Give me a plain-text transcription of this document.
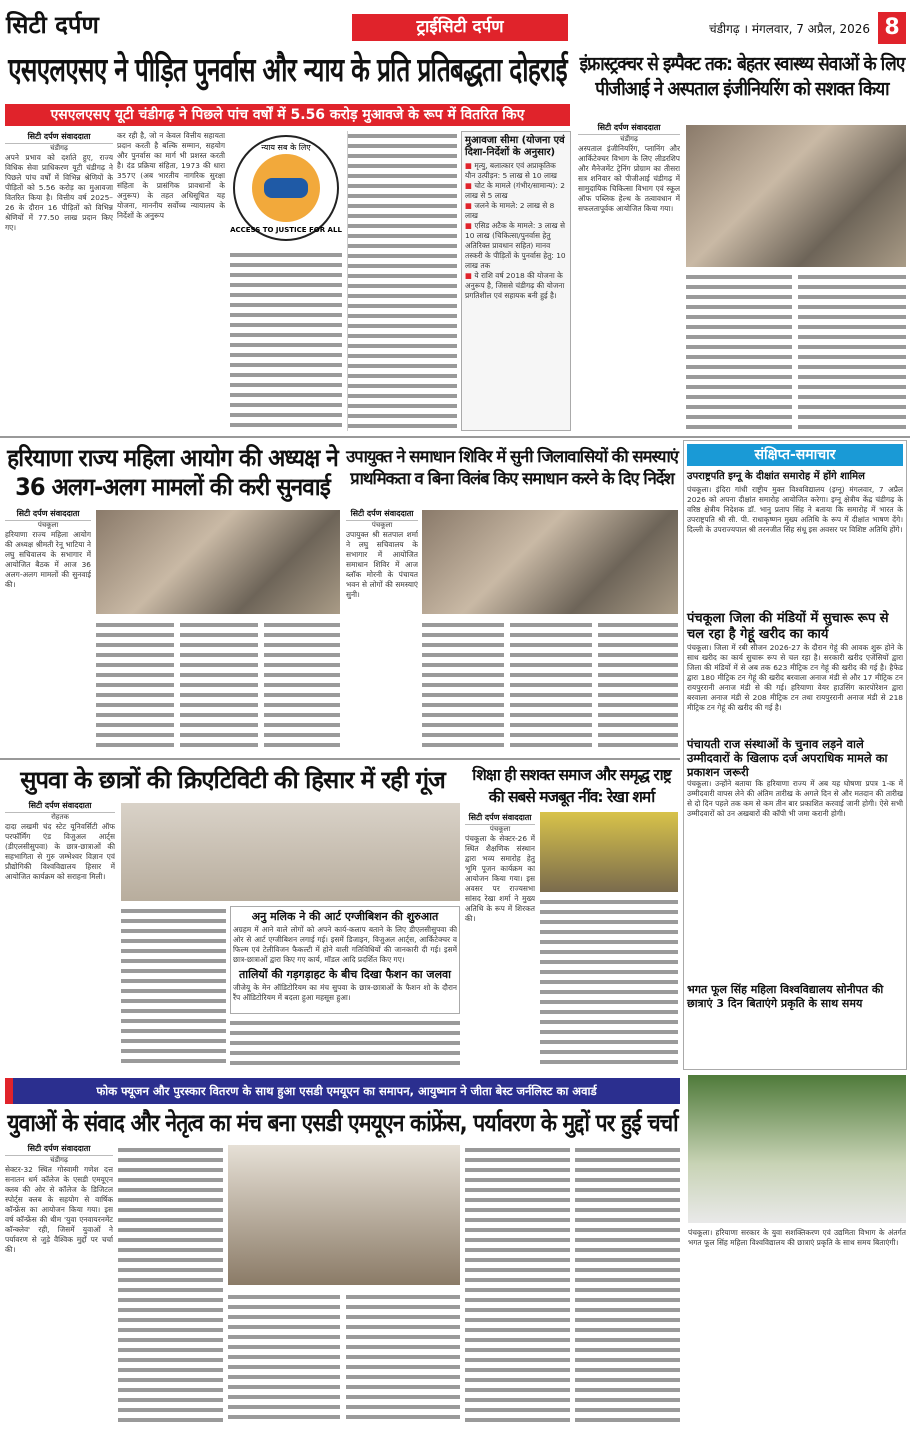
सिटी दर्पण	ट्राईसिटी दर्पण	चंडीगढ़ । मंगलवार, 7 अप्रैल, 2026 8
एसएलएसए ने पीड़ित पुनर्वास और न्याय के प्रति प्रतिबद्धता दोहराई
एसएलएसए यूटी चंडीगढ़ ने पिछले पांच वर्षों में 5.56 करोड़ मुआवजे के रूप में वितरित किए
सिटी दर्पण संवाददाता
चंडीगढ़
अपने प्रभाव को दर्शाते हुए, राज्य विधिक सेवा प्राधिकरण यूटी चंडीगढ़ ने पिछले पांच वर्षों में विभिन्न श्रेणियों के पीड़ितों को 5.56 करोड़ का मुआवजा वितरित किया है। वित्तीय वर्ष 2025–26 के दौरान 16 पीड़ितों को विभिन्न श्रेणियों में 77.50 लाख प्रदान किए गए।
कर रही है, जो न केवल वित्तीय सहायता प्रदान करती है बल्कि सम्मान, सहयोग और पुनर्वास का मार्ग भी प्रशस्त करती है। दंड प्रक्रिया संहिता, 1973 की धारा 357ए (अब भारतीय नागरिक सुरक्षा संहिता के प्रासंगिक प्रावधानों के अनुरूप) के तहत अधिसूचित यह योजना, माननीय सर्वोच्च न्यायालय के निर्देशों के अनुरूप
ACCESS TO JUSTICE FOR ALL
न्याय सब के लिए
मुआवजा सीमा (योजना एवं दिशा-निर्देशों के अनुसार)
■ मृत्यु, बलात्कार एवं अप्राकृतिक यौन उत्पीड़न: 5 लाख से 10 लाख
■ चोट के मामले (गंभीर/सामान्य): 2 लाख से 5 लाख
■ जलने के मामले: 2 लाख से 8 लाख
■ एसिड अटैक के मामले: 3 लाख से 10 लाख (चिकित्सा/पुनर्वास हेतु अतिरिक्त प्रावधान सहित) मानव तस्करी के पीड़ितों के पुनर्वास हेतु: 10 लाख तक
■ ये राशि वर्ष 2018 की योजना के अनुरूप है, जिससे चंडीगढ़ की योजना प्रगतिशील एवं सहायक बनी हुई है।
इंफ्रास्ट्रक्चर से इम्पैक्ट तक: बेहतर स्वास्थ्य सेवाओं के लिए पीजीआई ने अस्पताल इंजीनियरिंग को सशक्त किया
सिटी दर्पण संवाददाता
चंडीगढ़
अस्पताल इंजीनियरिंग, प्लानिंग और आर्किटेक्चर विभाग के लिए लीडरशिप और मैनेजमेंट ट्रेनिंग प्रोग्राम का तीसरा सत्र शनिवार को पीजीआई चंडीगढ़ में सामुदायिक चिकित्सा विभाग एवं स्कूल ऑफ पब्लिक हेल्थ के तत्वावधान में सफलतापूर्वक आयोजित किया गया।
हरियाणा राज्य महिला आयोग की अध्यक्ष ने 36 अलग-अलग मामलों की करी सुनवाई
सिटी दर्पण संवाददाता
पंचकूला
हरियाणा राज्य महिला आयोग की अध्यक्ष श्रीमती रेनू भाटिया ने लघु सचिवालय के सभागार में आयोजित बैठक में आज 36 अलग-अलग मामलों की सुनवाई की।
उपायुक्त ने समाधान शिविर में सुनी जिलावासियों की समस्याएं प्राथमिकता व बिना विलंब किए समाधान करने के दिए निर्देश
सिटी दर्पण संवाददाता
पंचकूला
उपायुक्त श्री सतपाल शर्मा ने लघु सचिवालय के सभागार में आयोजित समाधान शिविर में आज ब्लॉक मोरनी के पंचायत भवन से लोगों की समस्याएं सुनी।
संक्षिप्त-समाचार
उपराष्ट्रपति इग्नू के दीक्षांत समारोह में होंगे शामिल
पंचकूला। इंदिरा गांधी राष्ट्रीय मुक्त विश्वविद्यालय (इग्नू) मंगलवार, 7 अप्रैल 2026 को अपना दीक्षांत समारोह आयोजित करेगा। इग्नू क्षेत्रीय केंद्र चंडीगढ़ के वरिष्ठ क्षेत्रीय निदेशक डॉ. भानु प्रताप सिंह ने बताया कि समारोह में भारत के उपराष्ट्रपति श्री सी. पी. राधाकृष्णन मुख्य अतिथि के रूप में दीक्षांत भाषण देंगे। दिल्ली के उपराज्यपाल श्री तरनजीत सिंह संधू इस अवसर पर विशिष्ट अतिथि होंगे।
पंचकूला जिला की मंडियों में सुचारू रूप से चल रहा है गेहूं खरीद का कार्य
पंचकूला। जिला में रबी सीजन 2026-27 के दौरान गेहूं की आवक शुरू होने के साथ खरीद का कार्य सुचारू रूप से चल रहा है। सरकारी खरीद एजेंसियों द्वारा जिला की मंडियों में से अब तक 623 मीट्रिक टन गेहूं की खरीद की गई है। हैफेड द्वारा 180 मीट्रिक टन गेहूं की खरीद बरवाला अनाज मंडी से और 17 मीट्रिक टन रायपुररानी अनाज मंडी से की गई। हरियाणा वेयर हाउसिंग कारपोरेशन द्वारा बरवाला अनाज मंडी से 208 मीट्रिक टन तथा रायपुररानी अनाज मंडी से 218 मीट्रिक टन गेहूं की खरीद की गई है।
पंचायती राज संस्थाओं के चुनाव लड़ने वाले उम्मीदवारों के खिलाफ दर्ज अपराधिक मामले का प्रकाशन जरूरी
पंचकूला। उन्होंने बताया कि हरियाणा राज्य में अब यह घोषणा प्रपत्र 1-क में उम्मीदवारी वापस लेने की अंतिम तारीख के अगले दिन से और मतदान की तारीख से दो दिन पहले तक कम से कम तीन बार प्रकाशित करवाई जानी होगी। ऐसे सभी उम्मीदवारों को उन अखबारों की कॉपी भी जमा करानी होगी।
भगत फूल सिंह महिला विश्वविद्यालय सोनीपत की छात्राएं 3 दिन बिताएंगे प्रकृति के साथ समय
सुपवा के छात्रों की क्रिएटिविटी की हिसार में रही गूंज
सिटी दर्पण संवाददाता
रोहतक
दादा लखमी चंद स्टेट यूनिवर्सिटी ऑफ परफॉर्मिंग एंड विजुअल आर्ट्स (डीएलसीसुपवा) के छात्र-छात्राओं की सहभागिता से गुरु जम्भेश्वर विज्ञान एवं प्रौद्योगिकी विश्वविद्यालय हिसार में आयोजित कार्यक्रम को सराहना मिली।
अनु मलिक ने की आर्ट एग्जीबिशन की शुरुआत
अग्रहम में आने वाले लोगों को अपने कार्य-कलाप बताने के लिए डीएलसीसुपवा की ओर से आर्ट एग्जीबिशन लगाई गई। इसमें डिजाइन, विजुअल आर्ट्स, आर्किटेक्चर व फिल्म एवं टेलीविजन फैकल्टी में होने वाली गतिविधियों की जानकारी दी गई। इसमें छात्र-छात्राओं द्वारा किए गए कार्य, मॉडल आदि प्रदर्शित किए गए।
तालियों की गड़गड़ाहट के बीच दिखा फैशन का जलवा
जीजेयू के मेन ऑडिटोरियम का मंच सुपवा के छात्र-छात्राओं के फैशन शो के दौरान रैंप ऑडिटोरियम में बदला हुआ महसूस हुआ।
शिक्षा ही सशक्त समाज और समृद्ध राष्ट्र की सबसे मजबूत नींव: रेखा शर्मा
सिटी दर्पण संवाददाता
पंचकूला
पंचकूला के सेक्टर-26 में स्थित शैक्षणिक संस्थान द्वारा भव्य समारोह हेतु भूमि पूजन कार्यक्रम का आयोजन किया गया। इस अवसर पर राज्यसभा सांसद रेखा शर्मा ने मुख्य अतिथि के रूप में शिरकत की।
फोक फ्यूजन और पुरस्कार वितरण के साथ हुआ एसडी एमयूएन का समापन, आयुष्मान ने जीता बेस्ट जर्नलिस्ट का अवार्ड
युवाओं के संवाद और नेतृत्व का मंच बना एसडी एमयूएन कांफ्रेंस, पर्यावरण के मुद्दों पर हुई चर्चा
सिटी दर्पण संवाददाता
चंडीगढ़
सेक्टर-32 स्थित गोस्वामी गणेश दत्त सनातन धर्म कॉलेज के एसडी एमयूएन क्लब की ओर से कॉलेज के डिजिटल स्पोर्ट्स क्लब के सहयोग से वार्षिक कॉन्फ्रेंस का आयोजन किया गया। इस वर्ष कॉन्फ्रेंस की थीम 'युवा एनवायरनमेंट कॉन्क्लेव' रही, जिसमें युवाओं ने पर्यावरण से जुड़े वैश्विक मुद्दों पर चर्चा की।
पंचकूला। हरियाणा सरकार के युवा सशक्तिकरण एवं उद्यमिता विभाग के अंतर्गत भगत फूल सिंह महिला विश्वविद्यालय की छात्राएं प्रकृति के साथ समय बिताएंगी।
